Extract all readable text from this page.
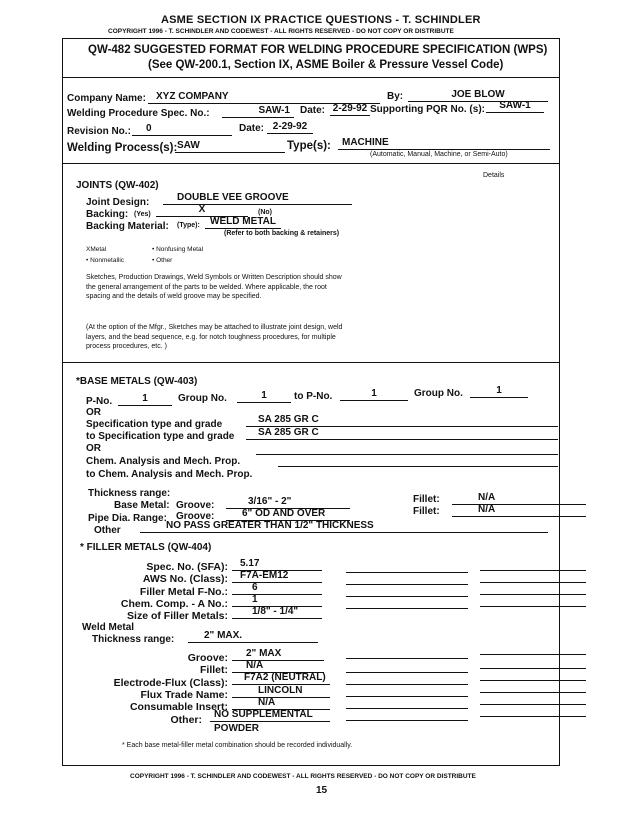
ASME SECTION IX PRACTICE QUESTIONS - T. SCHINDLER
COPYRIGHT 1996 - T. SCHINDLER AND CODEWEST - ALL RIGHTS RESERVED - DO NOT COPY OR DISTRIBUTE
QW-482 SUGGESTED FORMAT FOR WELDING PROCEDURE SPECIFICATION (WPS)
(See QW-200.1, Section IX, ASME Boiler & Pressure Vessel Code)
Company Name:	XYZ COMPANY	By:	JOE BLOW
Welding Procedure Spec. No.:	SAW-1	Date: 2-29-92 Supporting PQR No. (s):	SAW-1
Revision No.:	0	Date: 2-29-92
Welding Process(s): SAW	Type(s):	MACHINE
(Automatic, Manual, Machine, or Semi-Auto)
JOINTS (QW-402)
Details
Joint Design:	DOUBLE VEE GROOVE
Backing: (Yes)	X	(No)
Backing Material: (Type):	WELD METAL
(Refer to both backing & retainers)
XMetal	• Nonfusing Metal
• Nonmetallic	• Other
Sketches, Production Drawings, Weld Symbols or Written Description should show the general arrangement of the parts to be welded. Where applicable, the root spacing and the details of weld groove may be specified.
(At the option of the Mfgr., Sketches may be attached to illustrate joint design, weld layers, and the bead sequence, e.g. for notch toughness procedures, for multiple process procedures, etc. )
*BASE METALS (QW-403)
P-No.	1	Group No.	1	to P-No.	1	Group No.	1
OR
Specification type and grade	SA 285 GR C
to Specification type and grade	SA 285 GR C
OR
Chem. Analysis and Mech. Prop.
to Chem. Analysis and Mech. Prop.
Thickness range:
Base Metal: Groove:	3/16" - 2"	Fillet:	N/A
Pipe Dia. Range: Groove:	6" OD AND OVER	Fillet:	N/A
Other	NO PASS GREATER THAN 1/2" THICKNESS
* FILLER METALS (QW-404)
Spec. No. (SFA):	5.17
AWS No. (Class):	F7A-EM12
Filler Metal F-No.:	6
Chem. Comp. - A No.:	1
Size of Filler Metals:	1/8" - 1/4"
Weld Metal
Thickness range:	2" MAX.
Groove:	2" MAX
Fillet:	N/A
Electrode-Flux (Class):	F7A2 (NEUTRAL)
Flux Trade Name:	LINCOLN
Consumable Insert:	N/A
Other:	NO SUPPLEMENTAL
POWDER
* Each base metal-filler metal combination should be recorded individually.
COPYRIGHT 1996 - T. SCHINDLER AND CODEWEST - ALL RIGHTS RESERVED - DO NOT COPY OR DISTRIBUTE
15
